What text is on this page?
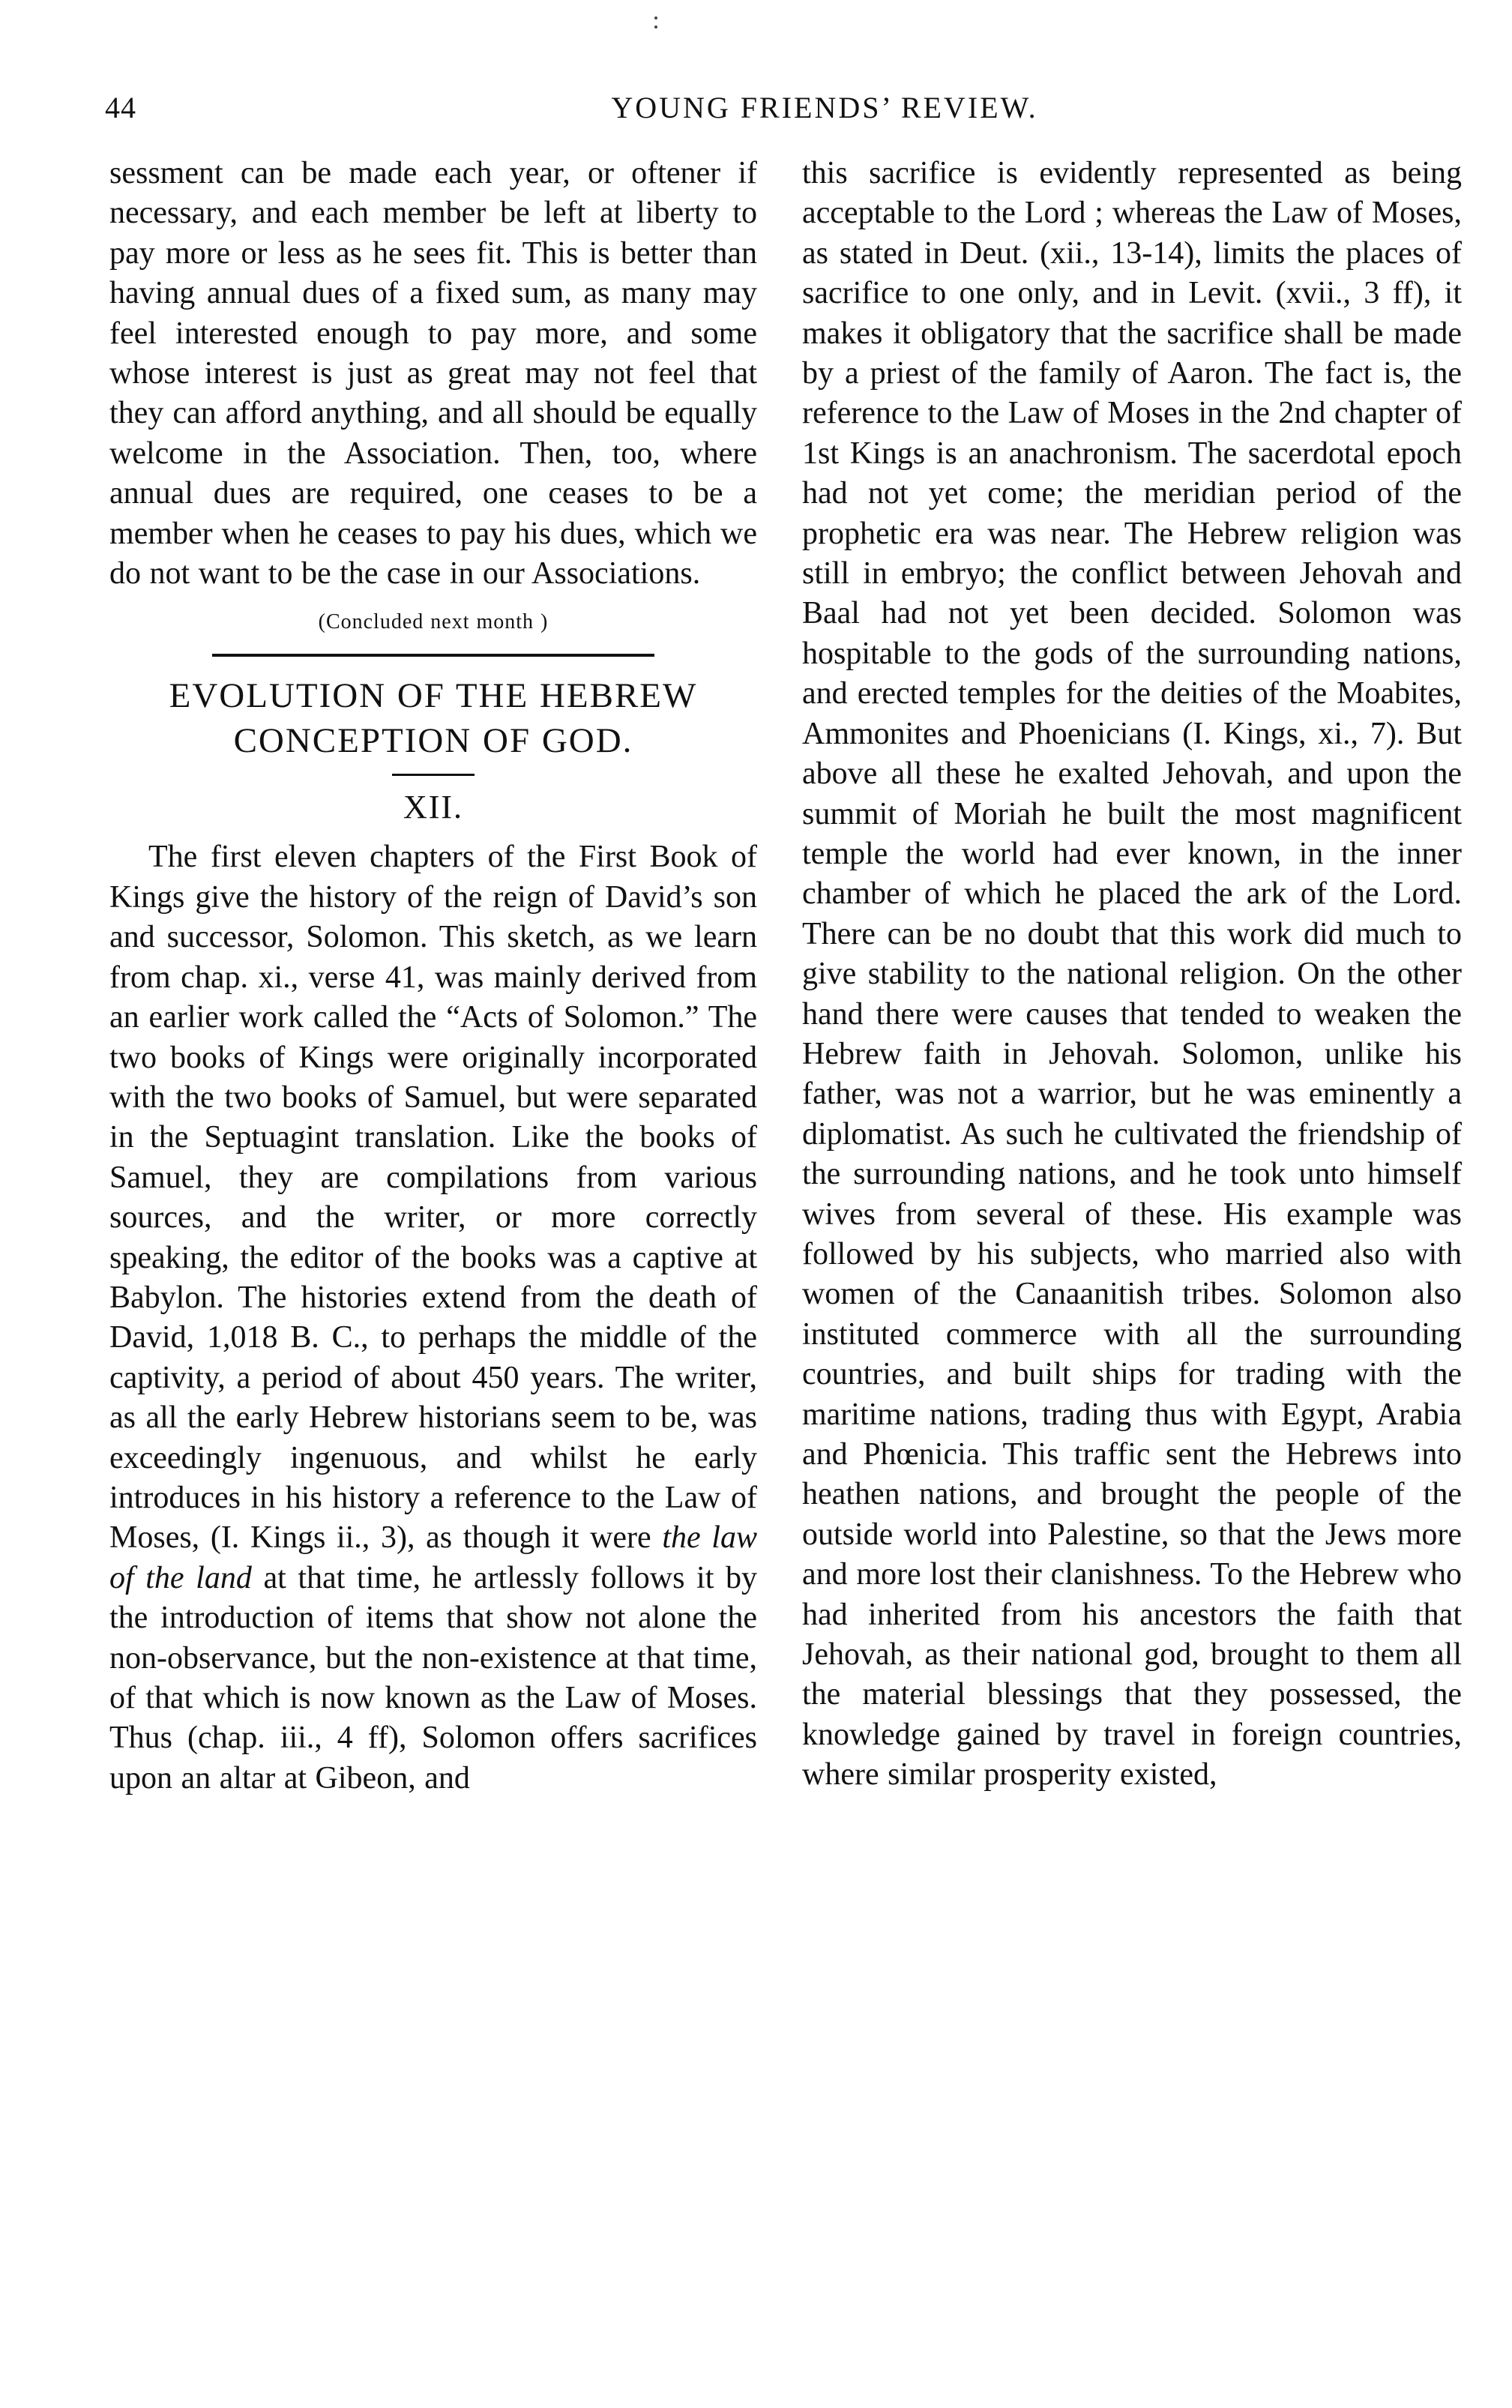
44	YOUNG FRIENDS’ REVIEW.

sessment can be made each year, or oftener if necessary, and each member be left at liberty to pay more or less as he sees fit. This is better than having annual dues of a fixed sum, as many may feel interested enough to pay more, and some whose interest is just as great may not feel that they can afford anything, and all should be equally welcome in the Association. Then, too, where annual dues are required, one ceases to be a member when he ceases to pay his dues, which we do not want to be the case in our Associations.

(Concluded next month )

EVOLUTION OF THE HEBREW

CONCEPTION OF GOD.

XII.

The first eleven chapters of the First Book of Kings give the history of the reign of David’s son and successor, Solomon. This sketch, as we learn from chap. xi., verse 41, was mainly derived from an earlier work called the “Acts of Solomon.” The two books of Kings were originally incorporated with the two books of Samuel, but were separated in the Septuagint translation. Like the books of Samuel, they are compilations from various sources, and the writer, or more correctly speaking, the editor of the books was a captive at Babylon. The histories extend from the death of David, 1,018 B. C., to perhaps the middle of the captivity, a period of about 450 years. The writer, as all the early Hebrew historians seem to be, was exceedingly ingenuous, and whilst he early introduces in his history a reference to the Law of Moses, (I. Kings ii., 3), as though it were the law of the land at that time, he artlessly follows it by the introduction of items that show not alone the non-observance, but the non-existence at that time, of that which is now known as the Law of Moses. Thus (chap. iii., 4 ff), Solomon offers sacrifices upon an altar at Gibeon, and

this sacrifice is evidently represented as being acceptable to the Lord ; whereas the Law of Moses, as stated in Deut. (xii., 13-14), limits the places of sacrifice to one only, and in Levit. (xvii., 3 ff), it makes it obligatory that the sacrifice shall be made by a priest of the family of Aaron. The fact is, the reference to the Law of Moses in the 2nd chapter of 1st Kings is an anachronism. The sacerdotal epoch had not yet come; the meridian period of the prophetic era was near. The Hebrew religion was still in embryo; the conflict between Jehovah and Baal had not yet been decided. Solomon was hospitable to the gods of the surrounding nations, and erected temples for the deities of the Moabites, Ammonites and Phoenicians (I. Kings, xi., 7). But above all these he exalted Jehovah, and upon the summit of Moriah he built the most magnificent temple the world had ever known, in the inner chamber of which he placed the ark of the Lord. There can be no doubt that this work did much to give stability to the national religion. On the other hand there were causes that tended to weaken the Hebrew faith in Jehovah. Solomon, unlike his father, was not a warrior, but he was eminently a diplomatist. As such he cultivated the friendship of the surrounding nations, and he took unto himself wives from several of these. His example was followed by his subjects, who married also with women of the Canaanitish tribes. Solomon also instituted commerce with all the surrounding countries, and built ships for trading with the maritime nations, trading thus with Egypt, Arabia and Phœnicia. This traffic sent the Hebrews into heathen nations, and brought the people of the outside world into Palestine, so that the Jews more and more lost their clanishness. To the Hebrew who had inherited from his ancestors the faith that Jehovah, as their national god, brought to them all the material blessings that they possessed, the knowledge gained by travel in foreign countries, where similar prosperity existed,
